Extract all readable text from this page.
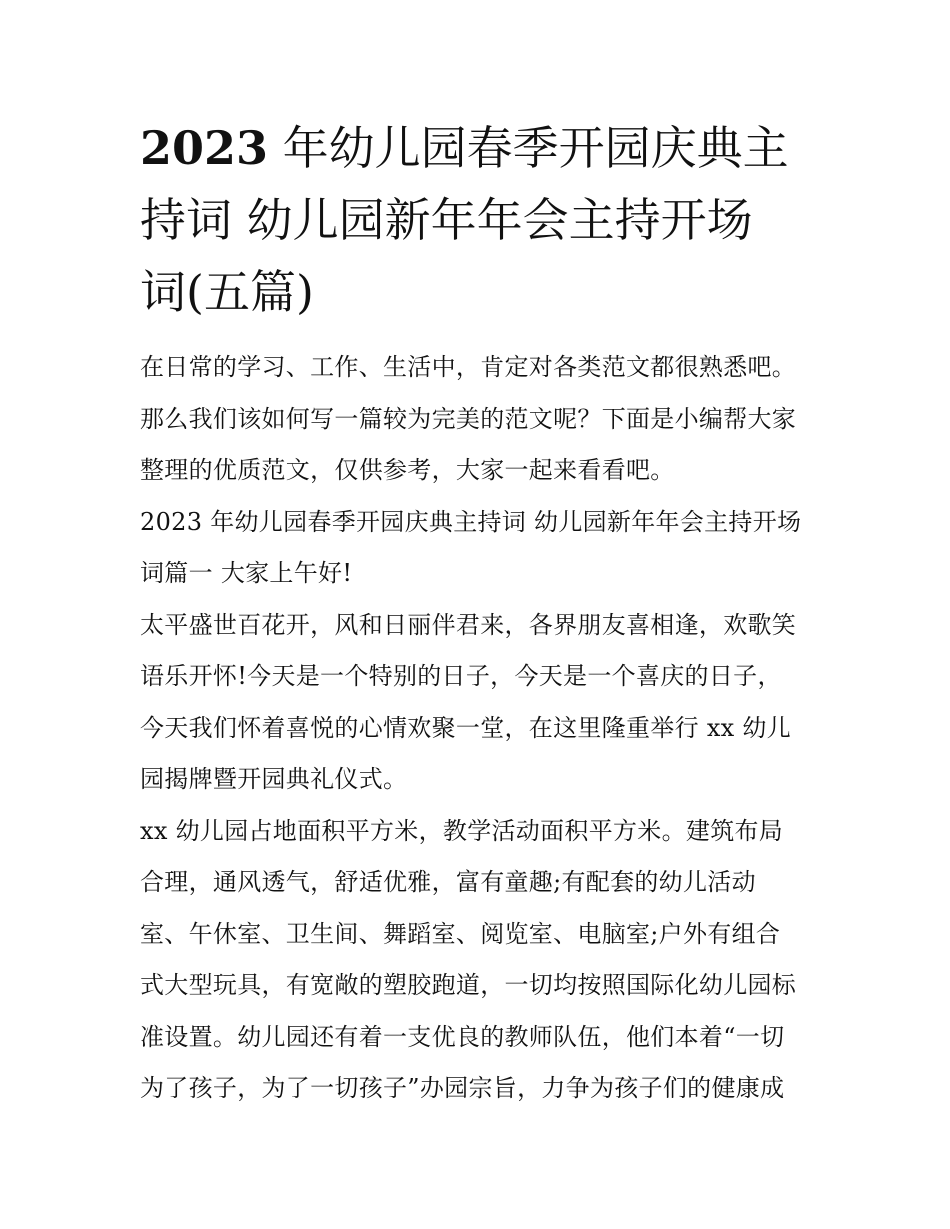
2023 年幼儿园春季开园庆典主
持词 幼儿园新年年会主持开场
词(五篇)
在日常的学习、工作、生活中，肯定对各类范文都很熟悉吧。
那么我们该如何写一篇较为完美的范文呢？下面是小编帮大家
整理的优质范文，仅供参考，大家一起来看看吧。
2023 年幼儿园春季开园庆典主持词 幼儿园新年年会主持开场
词篇一 大家上午好!
太平盛世百花开，风和日丽伴君来，各界朋友喜相逢，欢歌笑
语乐开怀!今天是一个特别的日子，今天是一个喜庆的日子，
今天我们怀着喜悦的心情欢聚一堂，在这里隆重举行 xx 幼儿
园揭牌暨开园典礼仪式。
xx 幼儿园占地面积平方米，教学活动面积平方米。建筑布局
合理，通风透气，舒适优雅，富有童趣;有配套的幼儿活动
室、午休室、卫生间、舞蹈室、阅览室、电脑室;户外有组合
式大型玩具，有宽敞的塑胶跑道，一切均按照国际化幼儿园标
准设置。幼儿园还有着一支优良的教师队伍，他们本着“一切
为了孩子，为了一切孩子”办园宗旨，力争为孩子们的健康成
